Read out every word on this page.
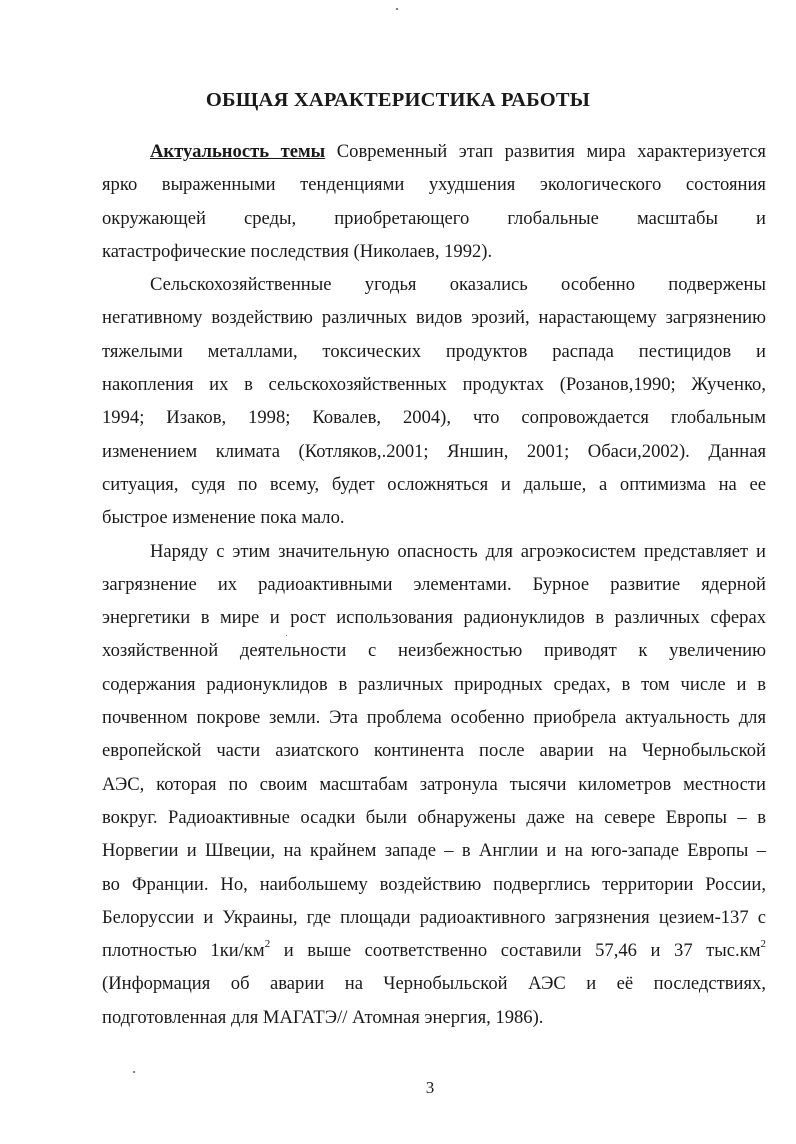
ОБЩАЯ ХАРАКТЕРИСТИКА РАБОТЫ
Актуальность темы Современный этап развития мира характеризуется
ярко выраженными тенденциями ухудшения экологического состояния
окружающей среды, приобретающего глобальные масштабы и
катастрофические последствия (Николаев, 1992).
Сельскохозяйственные угодья оказались особенно подвержены
негативному воздействию различных видов эрозий, нарастающему загрязнению
тяжелыми металлами, токсических продуктов распада пестицидов и
накопления их в сельскохозяйственных продуктах (Розанов,1990; Жученко,
1994; Изаков, 1998; Ковалев, 2004), что сопровождается глобальным
изменением климата (Котляков,.2001; Яншин, 2001; Обаси,2002). Данная
ситуация, судя по всему, будет осложняться и дальше, а оптимизма на ее
быстрое изменение пока мало.
Наряду с этим значительную опасность для агроэкосистем представляет и
загрязнение их радиоактивными элементами. Бурное развитие ядерной
энергетики в мире и рост использования радионуклидов в различных сферах
хозяйственной деятельности с неизбежностью приводят к увеличению
содержания радионуклидов в различных природных средах, в том числе и в
почвенном покрове земли. Эта проблема особенно приобрела актуальность для
европейской части азиатского континента после аварии на Чернобыльской
АЭС, которая по своим масштабам затронула тысячи километров местности
вокруг. Радиоактивные осадки были обнаружены даже на севере Европы – в
Норвегии и Швеции, на крайнем западе – в Англии и на юго-западе Европы –
во Франции. Но, наибольшему воздействию подверглись территории России,
Белоруссии и Украины, где площади радиоактивного загрязнения цезием-137 с
плотностью $1ки/км^2$ и выше соответственно составили 57,46 и 37 $тыс.км^2$
(Информация об аварии на Чернобыльской АЭС и её последствиях,
подготовленная для МАГАТЭ// Атомная энергия, 1986).
3
